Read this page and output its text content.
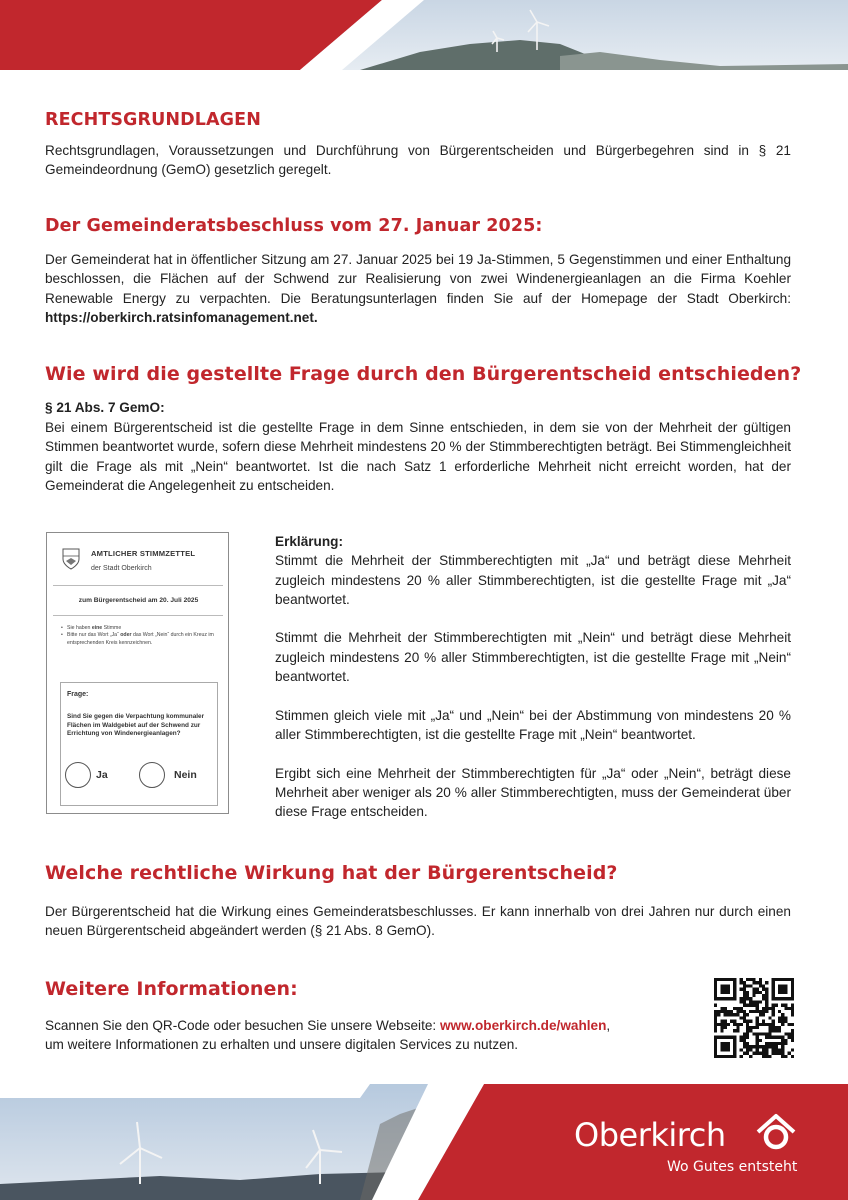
RECHTSGRUNDLAGEN

Rechtsgrundlagen, Voraussetzungen und Durchführung von Bürgerentscheiden und Bürgerbegehren sind in § 21 Gemeindeordnung (GemO) gesetzlich geregelt.

Der Gemeinderatsbeschluss vom 27. Januar 2025:

Der Gemeinderat hat in öffentlicher Sitzung am 27. Januar 2025 bei 19 Ja-Stimmen, 5 Gegenstimmen und einer Enthaltung beschlossen, die Flächen auf der Schwend zur Realisierung von zwei Windenergieanlagen an die Firma Koehler Renewable Energy zu verpachten. Die Beratungsunterlagen finden Sie auf der Homepage der Stadt Oberkirch: https://oberkirch.ratsinfomanagement.net.

Wie wird die gestellte Frage durch den Bürgerentscheid entschieden?
§ 21 Abs. 7 GemO:

Bei einem Bürgerentscheid ist die gestellte Frage in dem Sinne entschieden, in dem sie von der Mehrheit der gültigen Stimmen beantwortet wurde, sofern diese Mehrheit mindestens 20 % der Stimmberechtigten beträgt. Bei Stimmengleichheit gilt die Frage als mit „Nein“ beantwortet. Ist die nach Satz 1 erforderliche Mehrheit nicht erreicht worden, hat der Gemeinderat die Angelegenheit zu entscheiden.

AMTLICHER STIMMZETTEL
der Stadt Oberkirch
zum Bürgerentscheid am 20. Juli 2025
• Sie haben eine Stimme
• Bitte nur das Wort „Ja“ oder das Wort „Nein“ durch ein Kreuz im entsprechenden Kreis kennzeichnen.
Frage:
Sind Sie gegen die Verpachtung kommunaler Flächen im Waldgebiet auf der Schwend zur Errichtung von Windenergieanlagen?
Ja	Nein
Erklärung:

Stimmt die Mehrheit der Stimmberechtigten mit „Ja“ und beträgt diese Mehrheit zugleich mindestens 20 % aller Stimmberechtigten, ist die gestellte Frage mit „Ja“ beantwortet.

Stimmt die Mehrheit der Stimmberechtigten mit „Nein“ und beträgt diese Mehrheit zugleich mindestens 20 % aller Stimmberechtigten, ist die gestellte Frage mit „Nein“ beantwortet.

Stimmen gleich viele mit „Ja“ und „Nein“ bei der Abstimmung von mindestens 20 % aller Stimmberechtigten, ist die gestellte Frage mit „Nein“ beantwortet.

Ergibt sich eine Mehrheit der Stimmberechtigten für „Ja“ oder „Nein“, beträgt diese Mehrheit aber weniger als 20 % aller Stimmberechtigten, muss der Gemeinderat über diese Frage entscheiden.

Welche rechtliche Wirkung hat der Bürgerentscheid?

Der Bürgerentscheid hat die Wirkung eines Gemeinderatsbeschlusses. Er kann innerhalb von drei Jahren nur durch einen neuen Bürgerentscheid abgeändert werden (§ 21 Abs. 8 GemO).

Weitere Informationen:
Scannen Sie den QR-Code oder besuchen Sie unsere Webseite: www.oberkirch.de/wahlen,
um weitere Informationen zu erhalten und unsere digitalen Services zu nutzen.
Oberkirch
Wo Gutes entsteht
